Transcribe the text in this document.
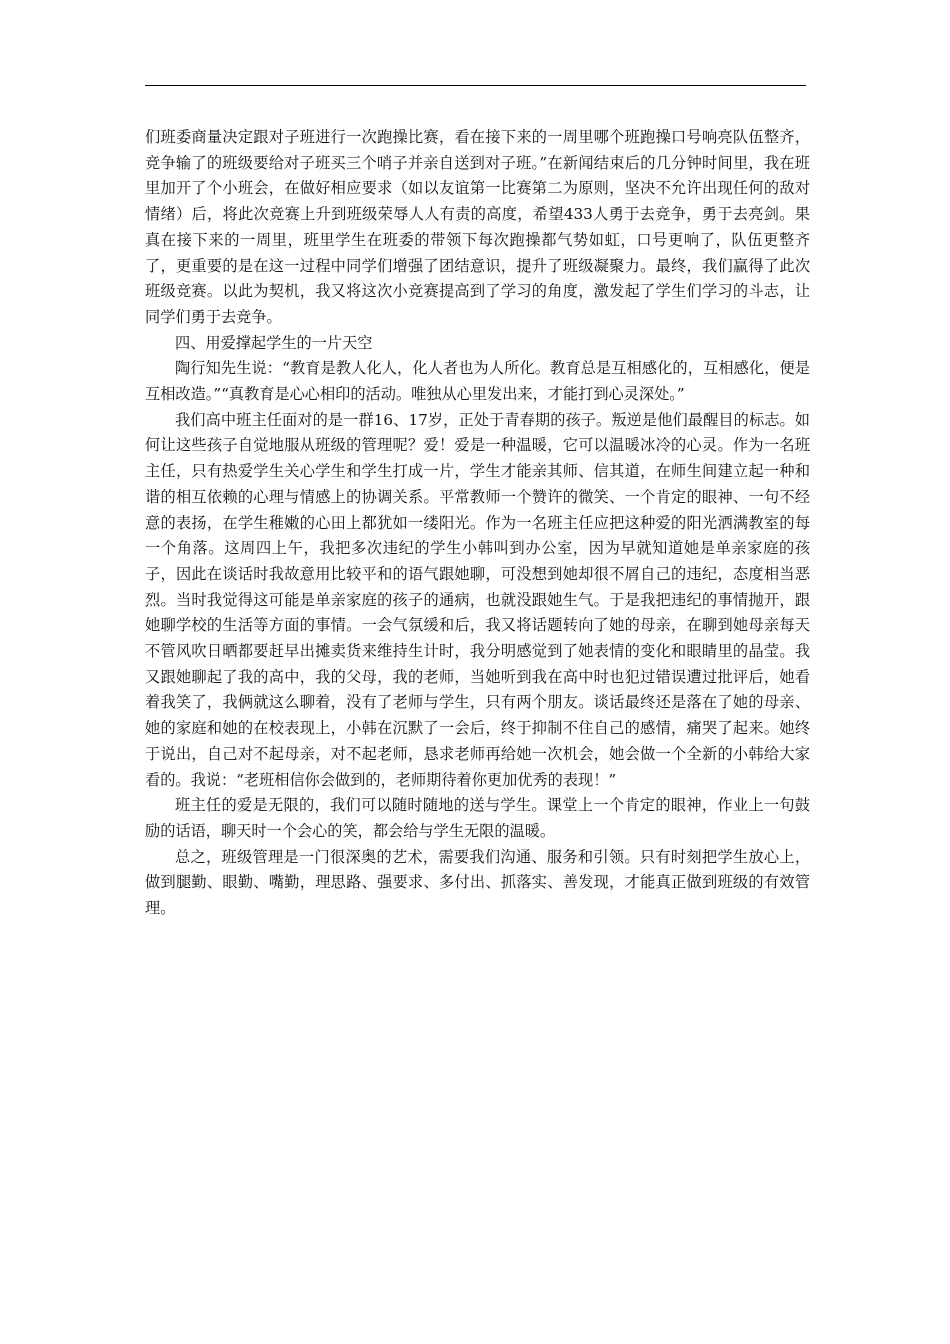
们班委商量决定跟对子班进行一次跑操比赛，看在接下来的一周里哪个班跑操口号响亮队伍整齐，竞争输了的班级要给对子班买三个哨子并亲自送到对子班。”在新闻结束后的几分钟时间里，我在班里加开了个小班会，在做好相应要求（如以友谊第一比赛第二为原则，坚决不允许出现任何的敌对情绪）后，将此次竞赛上升到班级荣辱人人有责的高度，希望433人勇于去竞争，勇于去亮剑。果真在接下来的一周里，班里学生在班委的带领下每次跑操都气势如虹，口号更响了，队伍更整齐了，更重要的是在这一过程中同学们增强了团结意识，提升了班级凝聚力。最终，我们赢得了此次班级竞赛。以此为契机，我又将这次小竞赛提高到了学习的角度，激发起了学生们学习的斗志，让同学们勇于去竞争。

四、用爱撑起学生的一片天空

陶行知先生说：“教育是教人化人，化人者也为人所化。教育总是互相感化的，互相感化，便是互相改造。”“真教育是心心相印的活动。唯独从心里发出来，才能打到心灵深处。”

我们高中班主任面对的是一群16、17岁，正处于青春期的孩子。叛逆是他们最醒目的标志。如何让这些孩子自觉地服从班级的管理呢？爱！爱是一种温暖，它可以温暖冰冷的心灵。作为一名班主任，只有热爱学生关心学生和学生打成一片，学生才能亲其师、信其道，在师生间建立起一种和谐的相互依赖的心理与情感上的协调关系。平常教师一个赞许的微笑、一个肯定的眼神、一句不经意的表扬，在学生稚嫩的心田上都犹如一缕阳光。作为一名班主任应把这种爱的阳光洒满教室的每一个角落。这周四上午，我把多次违纪的学生小韩叫到办公室，因为早就知道她是单亲家庭的孩子，因此在谈话时我故意用比较平和的语气跟她聊，可没想到她却很不屑自己的违纪，态度相当恶烈。当时我觉得这可能是单亲家庭的孩子的通病，也就没跟她生气。于是我把违纪的事情抛开，跟她聊学校的生活等方面的事情。一会气氛缓和后，我又将话题转向了她的母亲，在聊到她母亲每天不管风吹日晒都要赶早出摊卖货来维持生计时，我分明感觉到了她表情的变化和眼睛里的晶莹。我又跟她聊起了我的高中，我的父母，我的老师，当她听到我在高中时也犯过错误遭过批评后，她看着我笑了，我俩就这么聊着，没有了老师与学生，只有两个朋友。谈话最终还是落在了她的母亲、她的家庭和她的在校表现上，小韩在沉默了一会后，终于抑制不住自己的感情，痛哭了起来。她终于说出，自己对不起母亲，对不起老师，恳求老师再给她一次机会，她会做一个全新的小韩给大家看的。我说：“老班相信你会做到的，老师期待着你更加优秀的表现！”

班主任的爱是无限的，我们可以随时随地的送与学生。课堂上一个肯定的眼神，作业上一句鼓励的话语，聊天时一个会心的笑，都会给与学生无限的温暖。

总之，班级管理是一门很深奥的艺术，需要我们沟通、服务和引领。只有时刻把学生放心上，做到腿勤、眼勤、嘴勤，理思路、强要求、多付出、抓落实、善发现，才能真正做到班级的有效管理。
